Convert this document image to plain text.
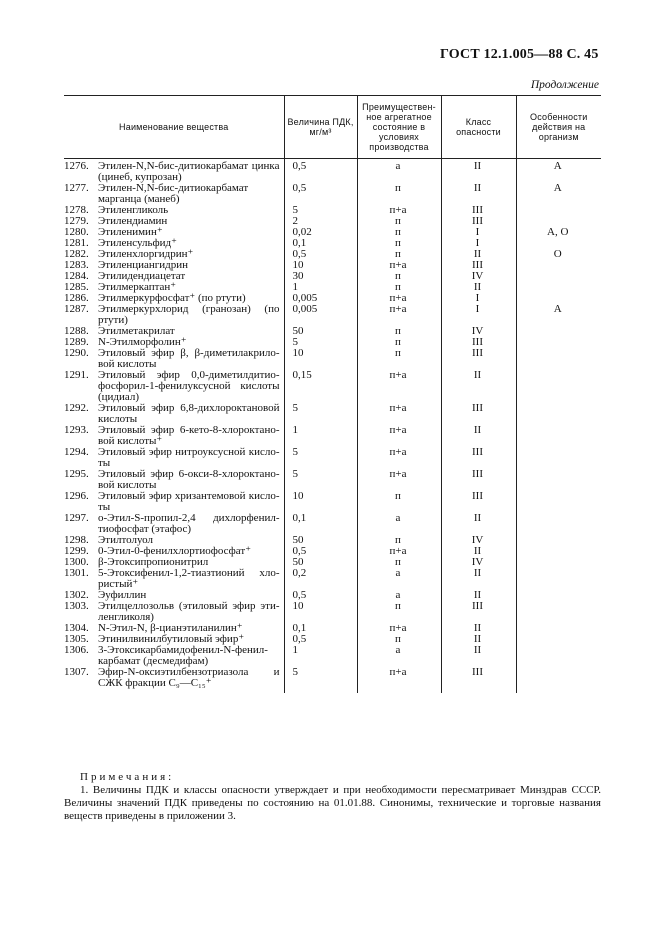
ГОСТ 12.1.005—88 С. 45
Продолжение
Наименование вещества	Величина ПДК, мг/м³	Преимуществен-ное агрегатное состояние в условиях производства	Класс опасности	Особенности действия на организм

1276. Этилен-N,N-бис-дитиокарбамат цинка (цинеб, купрозан)	0,5	а	II	А

1277. Этилен-N,N-бис-дитиокарбамат марганца (манеб)	0,5	п	II	А

1278. Этиленгликоль	5	п+а	III	

1279. Этилендиамин	2	п	III	

1280. Этиленимин⁺	0,02	п	I	А, О

1281. Этиленсульфид⁺	0,1	п	I	

1282. Этиленхлоргидрин⁺	0,5	п	II	О

1283. Этиленциангидрин	10	п+а	III	

1284. Этилидендиацетат	30	п	IV	

1285. Этилмеркаптан⁺	1	п	II	

1286. Этилмеркурфосфат⁺ (по ртути)	0,005	п+а	I	

1287. Этилмеркурхлорид (гранозан) (по ртути)	0,005	п+а	I	А

1288. Этилметакрилат	50	п	IV	

1289. N-Этилморфолин⁺	5	п	III	

1290. Этиловый эфир β, β-диметилакрило-вой кислоты	10	п	III	

1291. Этиловый эфир 0,0-диметилдитио-фосфорил-1-фенилуксусной кислоты (цидиал)	0,15	п+а	II	

1292. Этиловый эфир 6,8-дихлороктановой кислоты	5	п+а	III	

1293. Этиловый эфир 6-кето-8-хлороктано-вой кислоты⁺	1	п+а	II	

1294. Этиловый эфир нитроуксусной кисло-ты	5	п+а	III	

1295. Этиловый эфир 6-окси-8-хлороктано-вой кислоты	5	п+а	III	

1296. Этиловый эфир хризантемовой кисло-ты	10	п	III	

1297. о-Этил-S-пропил-2,4 дихлорфенил-тиофосфат (этафос)	0,1	а	II	

1298. Этилтолуол	50	п	IV	

1299. 0-Этил-0-фенилхлортиофосфат⁺	0,5	п+а	II	

1300. β-Этоксипропионитрил	50	п	IV	

1301. 5-Этоксифенил-1,2-тиазтионий хло-ристый⁺	0,2	а	II	

1302. Эуфиллин	0,5	а	II	

1303. Этилцеллозольв (этиловый эфир эти-ленгликоля)	10	п	III	

1304. N-Этил-N, β-цианэтиланилин⁺	0,1	п+а	II	

1305. Этинилвинилбутиловый эфир⁺	0,5	п	II	

1306. 3-Этоксикарбамидофенил-N-фенил-карбамат (десмедифам)	1	а	II	

1307. Эфир-N-оксиэтилбензотриазола и СЖК фракции C₉—C₁₅⁺	5	п+а	III	
Примечания:
1. Величины ПДК и классы опасности утверждает и при необходимости пересматривает Минздрав СССР. Величины значений ПДК приведены по состоянию на 01.01.88. Синонимы, технические и торговые названия веществ приведены в приложении 3.
